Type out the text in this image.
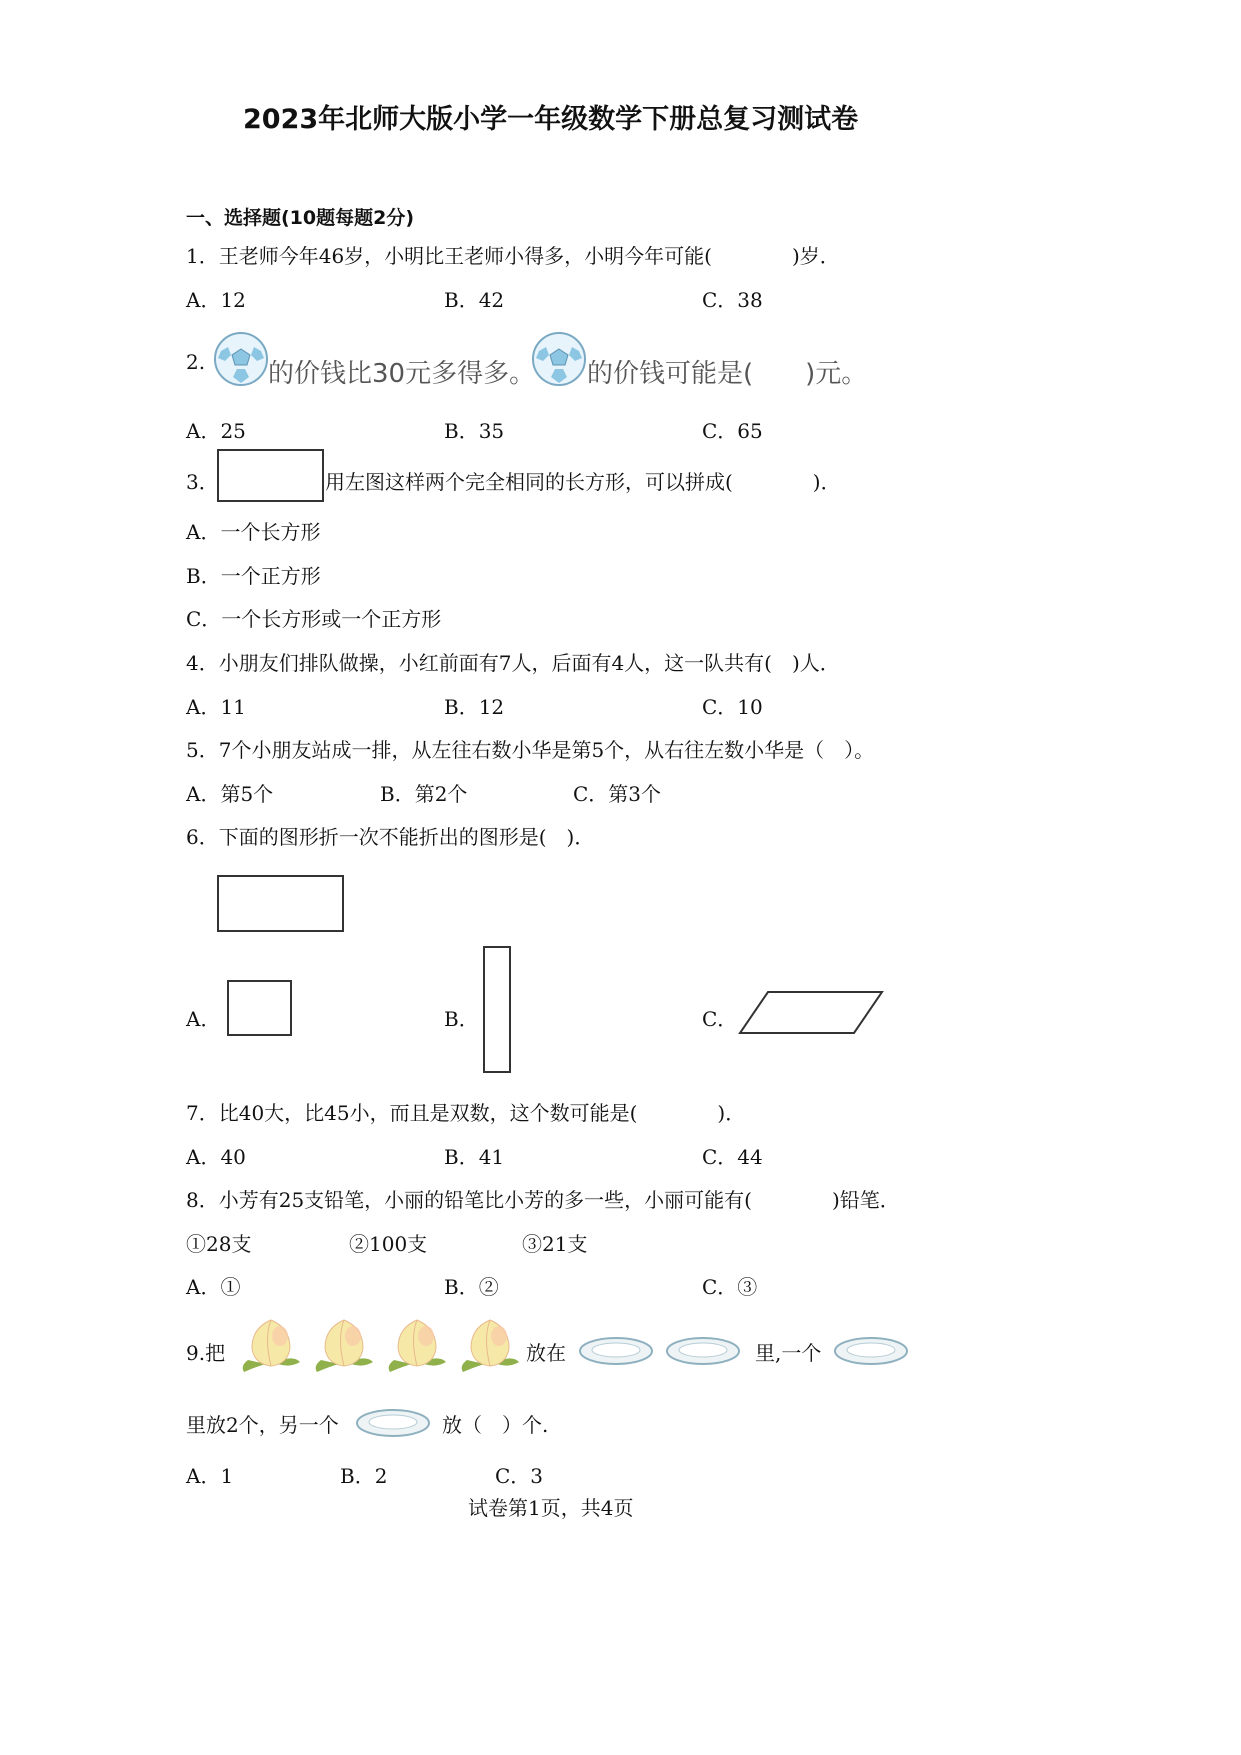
2023年北师大版小学一年级数学下册总复习测试卷
一、选择题(10题每题2分)
1．王老师今年46岁，小明比王老师小得多，小明今年可能(　　　　)岁．
A．12	B．42	C．38
2. 的价钱比30元多得多。 的价钱可能是(　　)元。
A．25	B．35	C．65
3．	用左图这样两个完全相同的长方形，可以拼成(　　　　)．
A．一个长方形
B．一个正方形
C．一个长方形或一个正方形
4．小朋友们排队做操，小红前面有7人，后面有4人，这一队共有(　)人．
A．11	B．12	C．10
5．7个小朋友站成一排，从左往右数小华是第5个，从右往左数小华是（　）。
A．第5个	B．第2个	C．第3个
6．下面的图形折一次不能折出的图形是(　)．
A．	B．	C．
7．比40大，比45小，而且是双数，这个数可能是(　　　　)．
A．40	B．41	C．44
8．小芳有25支铅笔，小丽的铅笔比小芳的多一些，小丽可能有(　　　　)铅笔．
①28支	②100支	③21支
A．①	B．②	C．③
9.把	放在	里,一个
里放2个，另一个	放（　）个.
A．1	B．2	C．3
试卷第1页，共4页
